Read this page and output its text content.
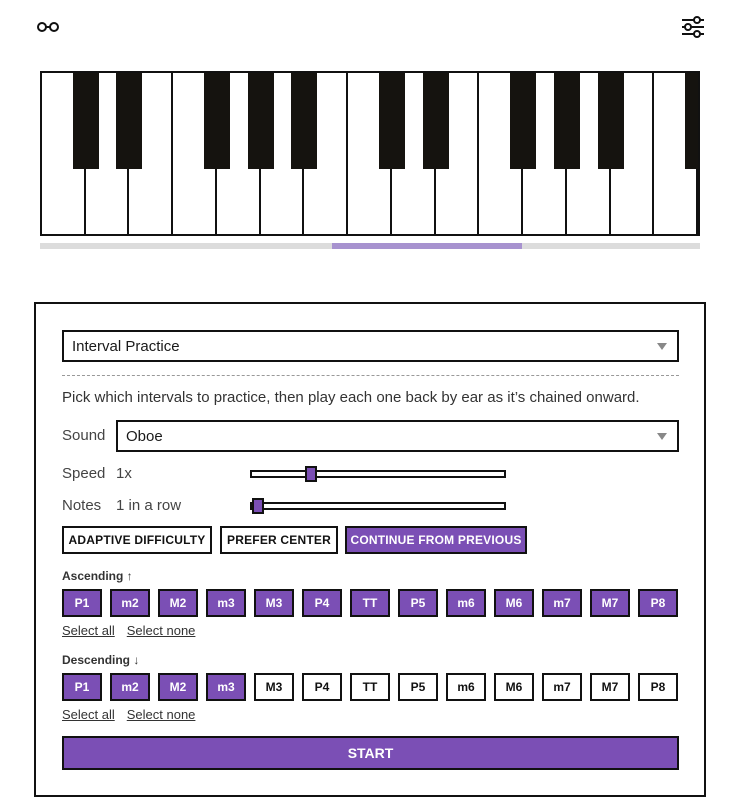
Interval Practice
Pick which intervals to practice, then play each one back by ear as it’s chained onward.
Sound Oboe
Speed 1x
Notes 1 in a row
ADAPTIVE DIFFICULTY	PREFER CENTER	CONTINUE FROM PREVIOUS
Ascending ↑
P1	m2	M2	m3	M3	P4	TT	P5	m6	M6	m7	M7	P8
Select all Select none
Descending ↓
P1	m2	M2	m3	M3	P4	TT	P5	m6	M6	m7	M7	P8
Select all Select none
START
